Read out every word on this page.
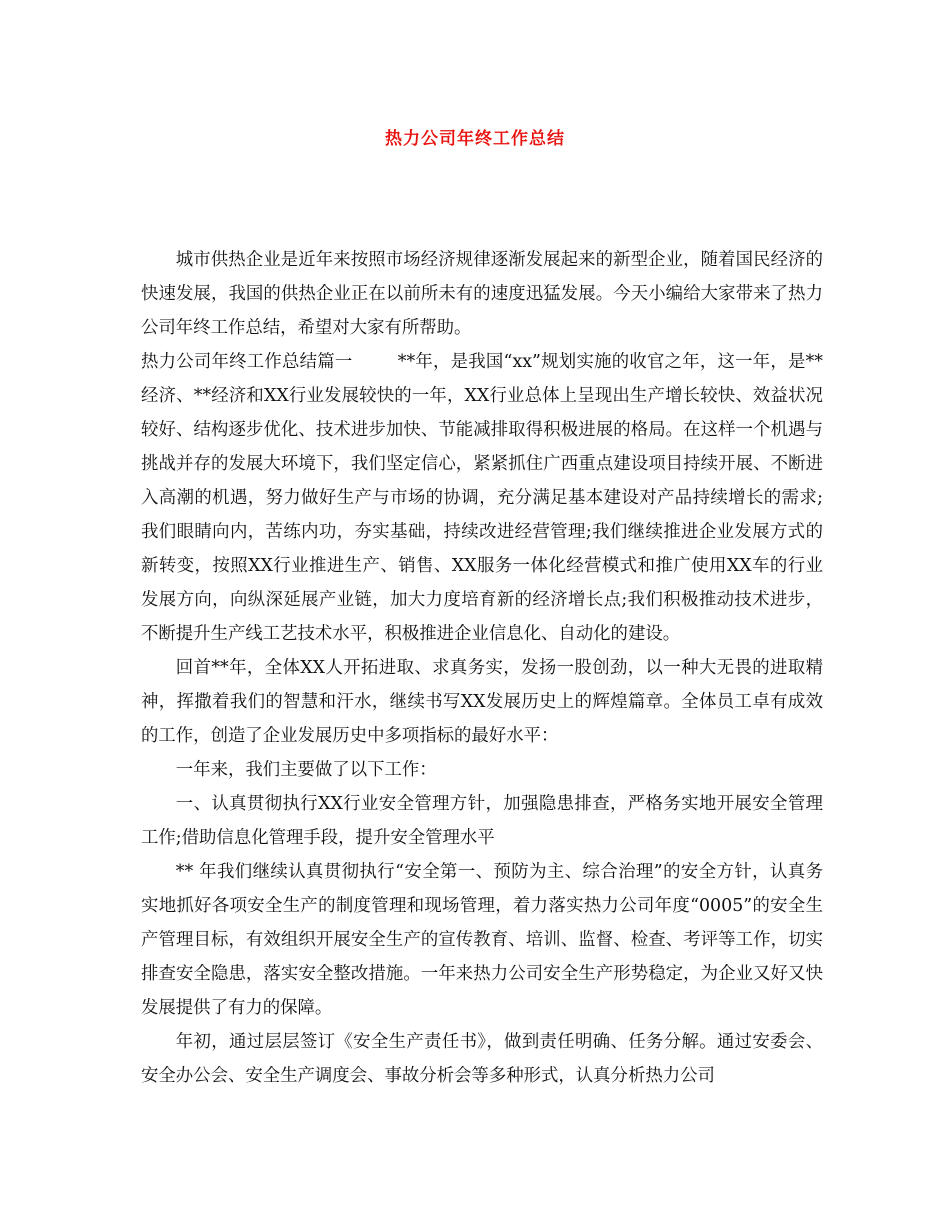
热力公司年终工作总结

城市供热企业是近年来按照市场经济规律逐渐发展起来的新型企业，随着国民经济的快速发展，我国的供热企业正在以前所未有的速度迅猛发展。今天小编给大家带来了热力公司年终工作总结，希望对大家有所帮助。

热力公司年终工作总结篇一	**年，是我国“xx”规划实施的收官之年，这一年，是**经济、**经济和XX行业发展较快的一年，XX行业总体上呈现出生产增长较快、效益状况较好、结构逐步优化、技术进步加快、节能减排取得积极进展的格局。在这样一个机遇与挑战并存的发展大环境下，我们坚定信心，紧紧抓住广西重点建设项目持续开展、不断进入高潮的机遇，努力做好生产与市场的协调，充分满足基本建设对产品持续增长的需求;我们眼睛向内，苦练内功，夯实基础，持续改进经营管理;我们继续推进企业发展方式的新转变，按照XX行业推进生产、销售、XX服务一体化经营模式和推广使用XX车的行业发展方向，向纵深延展产业链，加大力度培育新的经济增长点;我们积极推动技术进步，不断提升生产线工艺技术水平，积极推进企业信息化、自动化的建设。

回首**年，全体XX人开拓进取、求真务实，发扬一股创劲，以一种大无畏的进取精神，挥撒着我们的智慧和汗水，继续书写XX发展历史上的辉煌篇章。全体员工卓有成效的工作，创造了企业发展历史中多项指标的最好水平：

一年来，我们主要做了以下工作：

一、认真贯彻执行XX行业安全管理方针，加强隐患排查，严格务实地开展安全管理工作;借助信息化管理手段，提升安全管理水平

** 年我们继续认真贯彻执行“安全第一、预防为主、综合治理”的安全方针，认真务实地抓好各项安全生产的制度管理和现场管理，着力落实热力公司年度“0005”的安全生产管理目标，有效组织开展安全生产的宣传教育、培训、监督、检查、考评等工作，切实排查安全隐患，落实安全整改措施。一年来热力公司安全生产形势稳定，为企业又好又快发展提供了有力的保障。

年初，通过层层签订《安全生产责任书》，做到责任明确、任务分解。通过安委会、安全办公会、安全生产调度会、事故分析会等多种形式，认真分析热力公司
